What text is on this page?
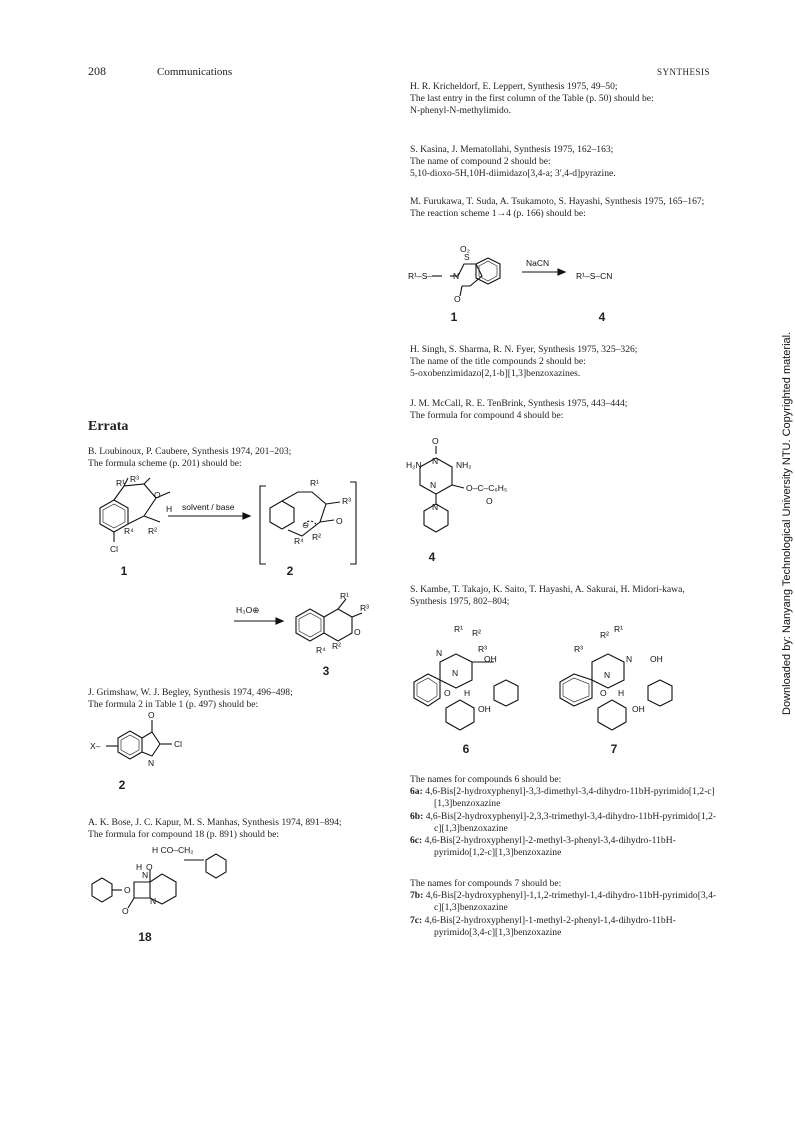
208	Communications	SYNTHESIS
Downloaded by: Nanyang Technological University NTU. Copyrighted material.
Errata

B. Loubinoux, P. Caubere, Synthesis 1974, 201–203;

The formula scheme (p. 201) should be:

R¹ R³
O
H
R⁴ R²
Cl
solvent / base
R¹
R³
O
R⁴ R²
⊖
1	2
H₃O⊕
R¹
R³
O
R⁴ R²
3

J. Grimshaw, W. J. Begley, Synthesis 1974, 496–498;

The formula 2 in Table 1 (p. 497) should be:

O
X–	Cl
N
2

A. K. Bose, J. C. Kapur, M. S. Manhas, Synthesis 1974, 891–894;

The formula for compound 18 (p. 891) should be:

O
H CO–CH₂
H O
N
O
N
18

H. R. Kricheldorf, E. Leppert, Synthesis 1975, 49–50;

The last entry in the first column of the Table (p. 50) should be:

N-phenyl-N-methylimido.

S. Kasina, J. Mematollahi, Synthesis 1975, 162–163;

The name of compound 2 should be:

5,10-dioxo-5H,10H-diimidazo[3,4-a; 3′,4-d]pyrazine.

M. Furukawa, T. Suda, A. Tsukamoto, S. Hayashi, Synthesis 1975, 165–167;

The reaction scheme 1→4 (p. 166) should be:

R¹–S– N
S
O₂
O
NaCN
R¹–S–CN
1	4

H. Singh, S. Sharma, R. N. Fyer, Synthesis 1975, 325–326;

The name of the title compounds 2 should be:

5-oxobenzimidazo[2,1-b][1,3]benzoxazines.

J. M. McCall, R. E. TenBrink, Synthesis 1975, 443–444;

The formula for compound 4 should be:

O
H₂N N NH₂
N	O–C–C₆H₅
O
N
4

S. Kambe, T. Takajo, K. Saito, T. Hayashi, A. Sakurai, H. Midori-kawa, Synthesis 1975, 802–804;

R¹ R²
N	R³
OH
N
O H
OH
R¹
R²
R³
N OH
N
O H
OH
6	7

The names for compounds 6 should be:

6a: 4,6-Bis[2-hydroxyphenyl]-3,3-dimethyl-3,4-dihydro-11bH-pyrimido[1,2-c][1,3]benzoxazine

6b: 4,6-Bis[2-hydroxyphenyl]-2,3,3-trimethyl-3,4-dihydro-11bH-pyrimido[1,2-c][1,3]benzoxazine

6c: 4,6-Bis[2-hydroxyphenyl]-2-methyl-3-phenyl-3,4-dihydro-11bH-pyrimido[1,2-c][1,3]benzoxazine

The names for compounds 7 should be:

7b: 4,6-Bis[2-hydroxyphenyl]-1,1,2-trimethyl-1,4-dihydro-11bH-pyrimido[3,4-c][1,3]benzoxazine

7c: 4,6-Bis[2-hydroxyphenyl]-1-methyl-2-phenyl-1,4-dihydro-11bH-pyrimido[3,4-c][1,3]benzoxazine
